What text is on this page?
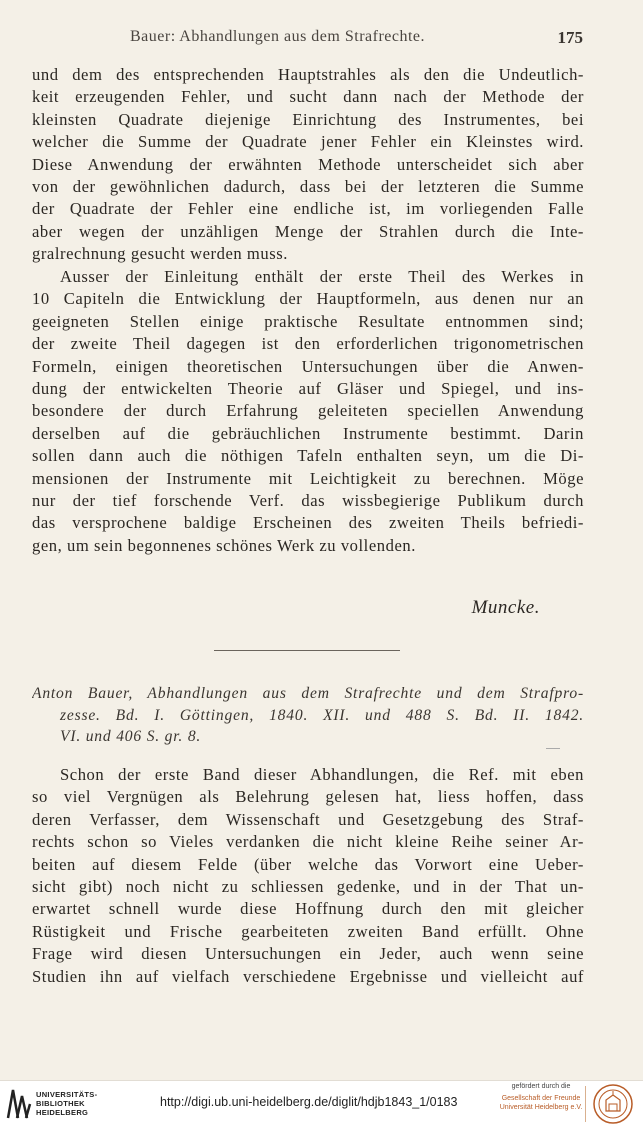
Bauer: Abhandlungen aus dem Strafrechte.	175
und dem des entsprechenden Hauptstrahles als den die Undeutlich-
keit erzeugenden Fehler, und sucht dann nach der Methode der
kleinsten Quadrate diejenige Einrichtung des Instrumentes, bei
welcher die Summe der Quadrate jener Fehler ein Kleinstes wird.
Diese Anwendung der erwähnten Methode unterscheidet sich aber
von der gewöhnlichen dadurch, dass bei der letzteren die Summe
der Quadrate der Fehler eine endliche ist, im vorliegenden Falle
aber wegen der unzähligen Menge der Strahlen durch die Inte-
gralrechnung gesucht werden muss.
Ausser der Einleitung enthält der erste Theil des Werkes in
10 Capiteln die Entwicklung der Hauptformeln, aus denen nur an
geeigneten Stellen einige praktische Resultate entnommen sind;
der zweite Theil dagegen ist den erforderlichen trigonometrischen
Formeln, einigen theoretischen Untersuchungen über die Anwen-
dung der entwickelten Theorie auf Gläser und Spiegel, und ins-
besondere der durch Erfahrung geleiteten speciellen Anwendung
derselben auf die gebräuchlichen Instrumente bestimmt. Darin
sollen dann auch die nöthigen Tafeln enthalten seyn, um die Di-
mensionen der Instrumente mit Leichtigkeit zu berechnen. Möge
nur der tief forschende Verf. das wissbegierige Publikum durch
das versprochene baldige Erscheinen des zweiten Theils befriedi-
gen, um sein begonnenes schönes Werk zu vollenden.
Muncke.
Anton Bauer, Abhandlungen aus dem Strafrechte und dem Strafpro-
zesse. Bd. I. Göttingen, 1840. XII. und 488 S. Bd. II. 1842.
VI. und 406 S. gr. 8.
Schon der erste Band dieser Abhandlungen, die Ref. mit eben
so viel Vergnügen als Belehrung gelesen hat, liess hoffen, dass
deren Verfasser, dem Wissenschaft und Gesetzgebung des Straf-
rechts schon so Vieles verdanken die nicht kleine Reihe seiner Ar-
beiten auf diesem Felde (über welche das Vorwort eine Ueber-
sicht gibt) noch nicht zu schliessen gedenke, und in der That un-
erwartet schnell wurde diese Hoffnung durch den mit gleicher
Rüstigkeit und Frische gearbeiteten zweiten Band erfüllt. Ohne
Frage wird diesen Untersuchungen ein Jeder, auch wenn seine
Studien ihn auf vielfach verschiedene Ergebnisse und vielleicht auf
UNIVERSITÄTS-
BIBLIOTHEK
HEIDELBERG
http://digi.ub.uni-heidelberg.de/diglit/hdjb1843_1/0183
gefördert durch die
Gesellschaft der Freunde
Universität Heidelberg e.V.
